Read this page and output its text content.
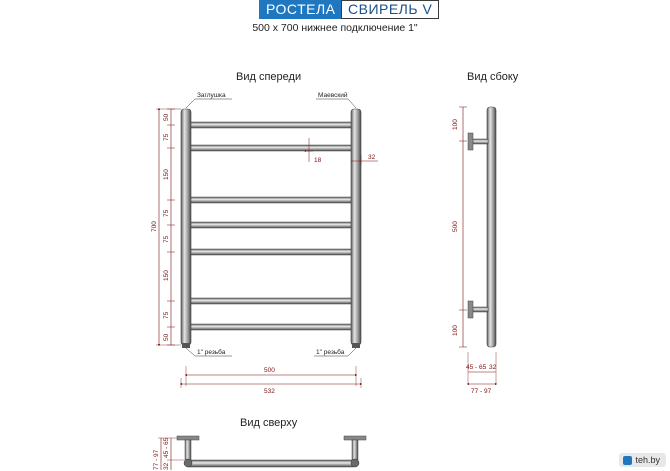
РОСТЕЛА СВИРЕЛЬ V
500 х 700 нижнее подключение 1"
Вид спереди	Вид сбоку
Вид сверху
Заглушка	Маевский
1" резьба	1" резьба
700
50
75
150
75
75
150
75
50
18	32
500
532
100
500
100
45 - 65 32
77 - 97
77 - 97
45 - 65
32
teh.by
